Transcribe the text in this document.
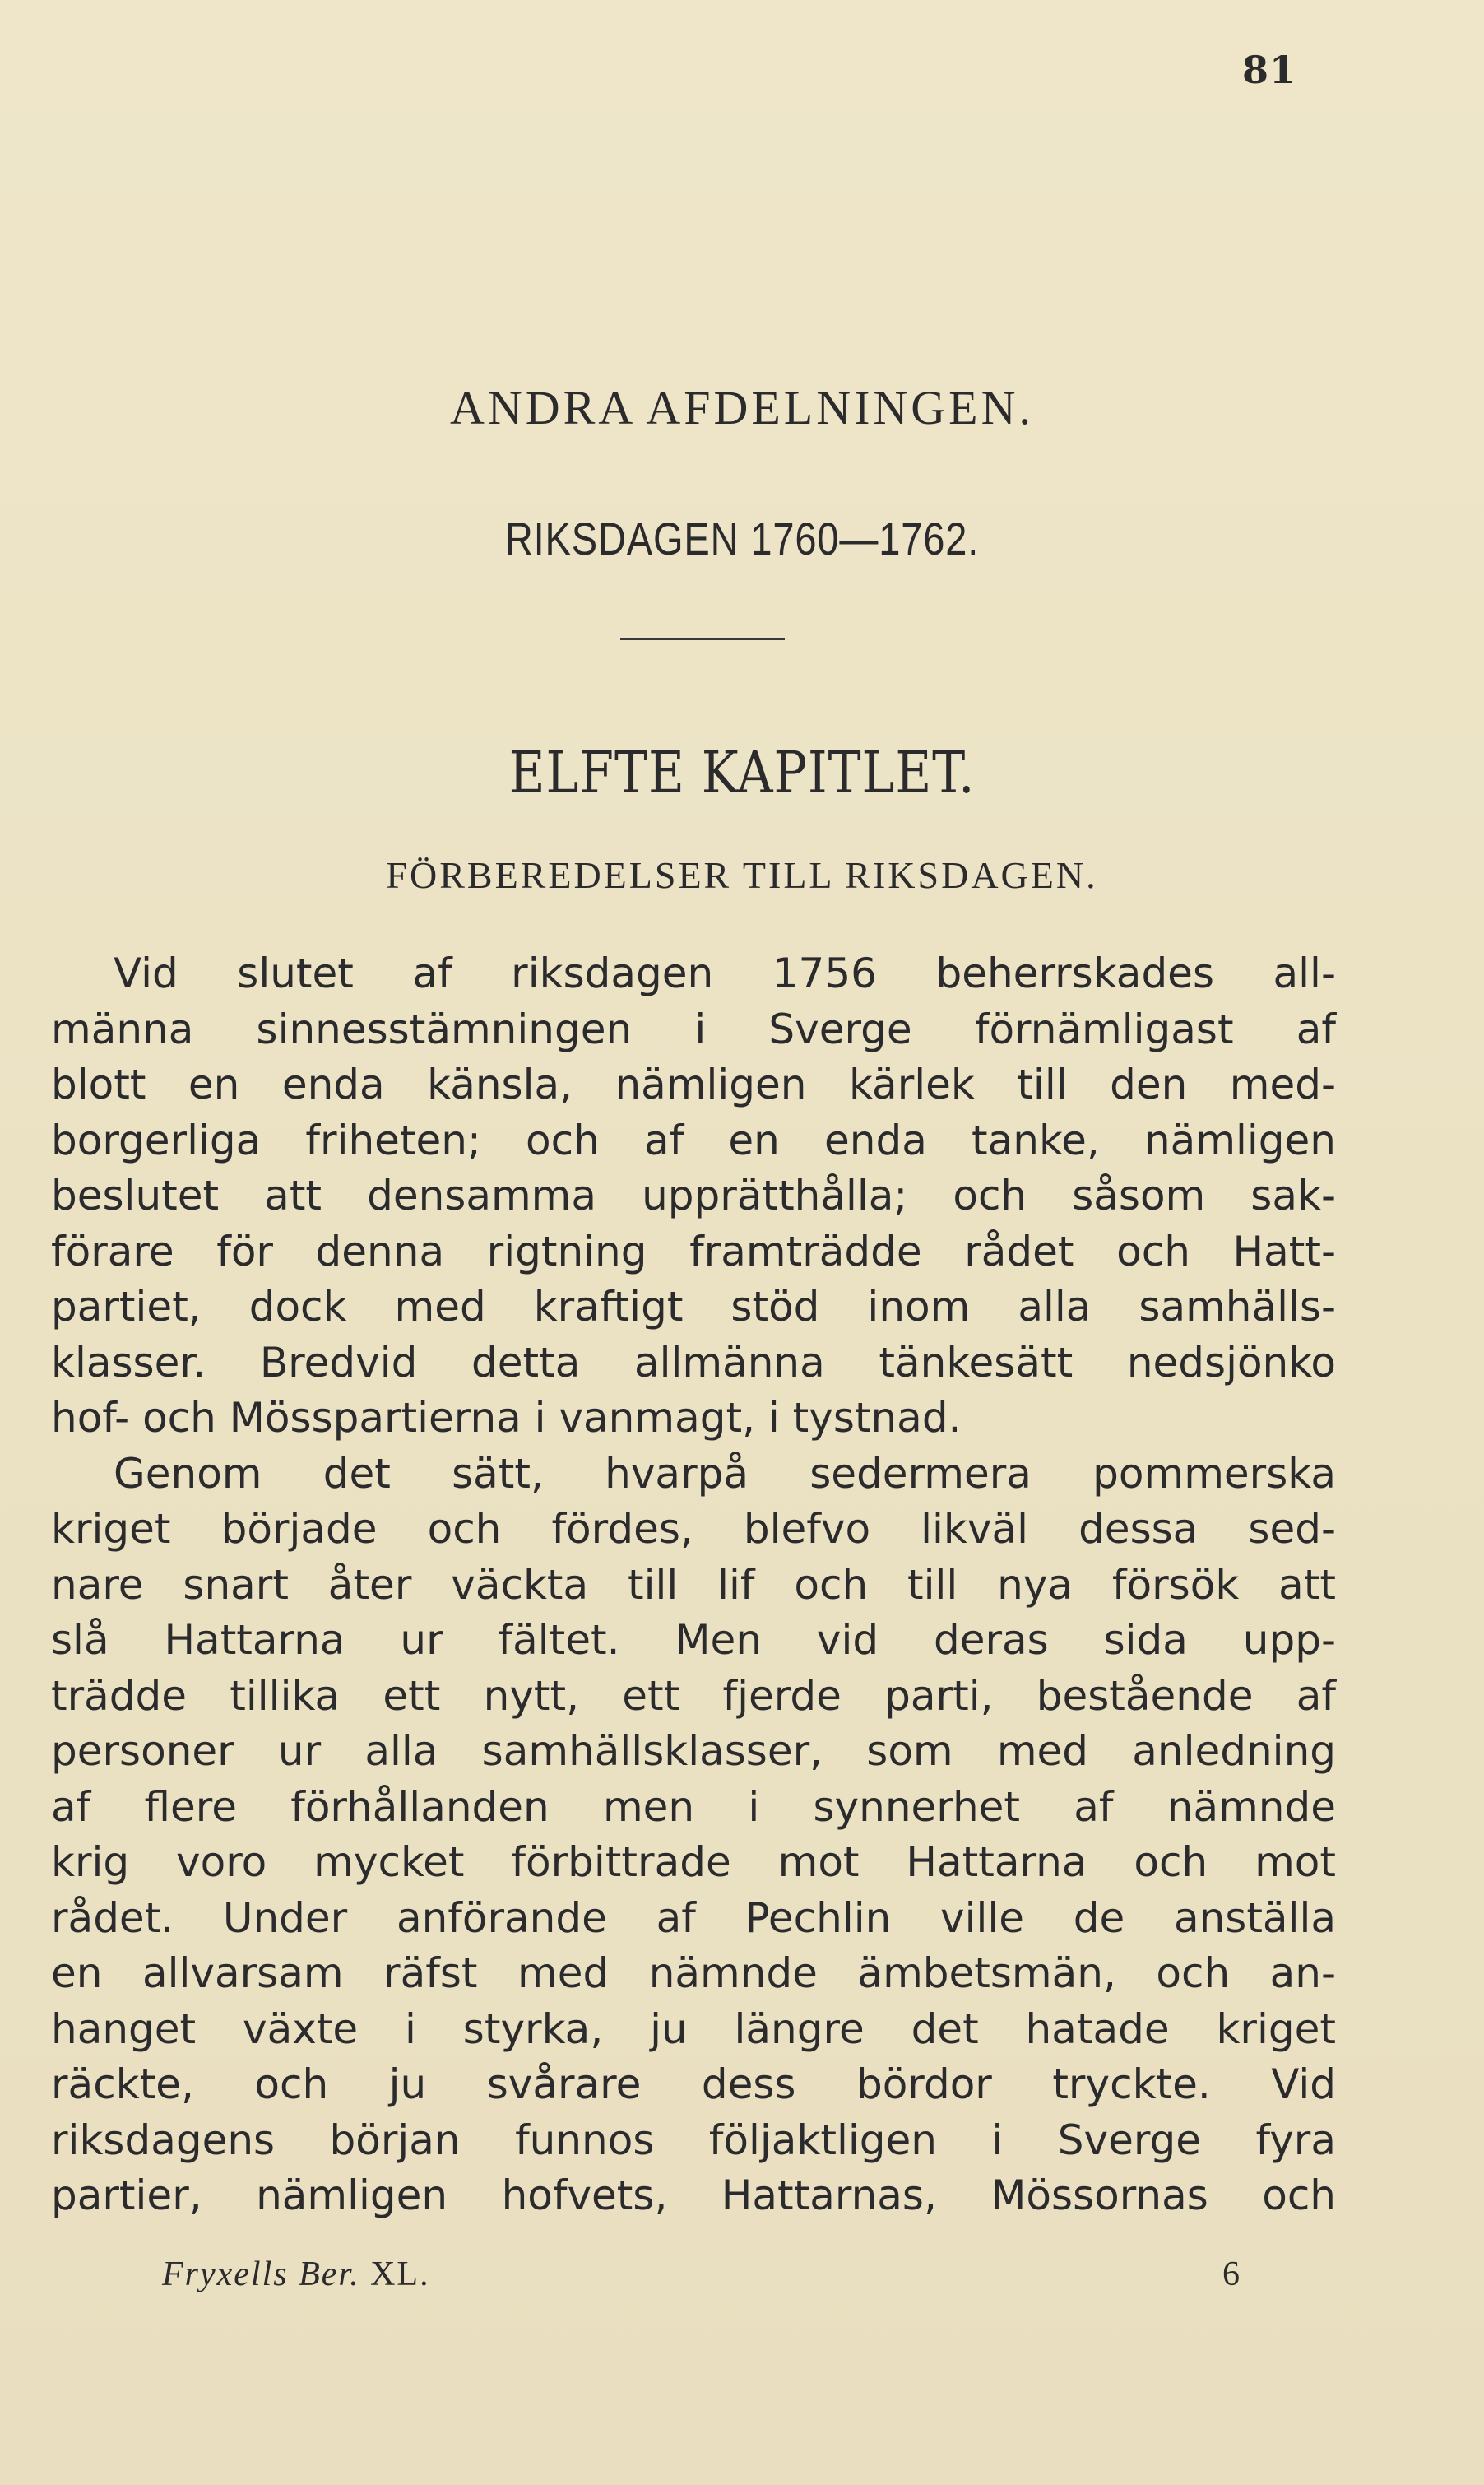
81
ANDRA AFDELNINGEN.
RIKSDAGEN 1760—1762.
ELFTE KAPITLET.
FÖRBEREDELSER TILL RIKSDAGEN.
Vid slutet af riksdagen 1756 beherrskades all-
männa sinnesstämningen i Sverge förnämligast af
blott en enda känsla, nämligen kärlek till den med-
borgerliga friheten; och af en enda tanke, nämligen
beslutet att densamma upprätthålla; och såsom sak-
förare för denna rigtning framträdde rådet och Hatt-
partiet, dock med kraftigt stöd inom alla samhälls-
klasser. Bredvid detta allmänna tänkesätt nedsjönko
hof- och Mösspartierna i vanmagt, i tystnad.
Genom det sätt, hvarpå sedermera pommerska
kriget började och fördes, blefvo likväl dessa sed-
nare snart åter väckta till lif och till nya försök att
slå Hattarna ur fältet. Men vid deras sida upp-
trädde tillika ett nytt, ett fjerde parti, bestående af
personer ur alla samhällsklasser, som med anledning
af flere förhållanden men i synnerhet af nämnde
krig voro mycket förbittrade mot Hattarna och mot
rådet. Under anförande af Pechlin ville de anställa
en allvarsam räfst med nämnde ämbetsmän, och an-
hanget växte i styrka, ju längre det hatade kriget
räckte, och ju svårare dess bördor tryckte. Vid
riksdagens början funnos följaktligen i Sverge fyra
partier, nämligen hofvets, Hattarnas, Mössornas och
Fryxells Ber. XL.	6
